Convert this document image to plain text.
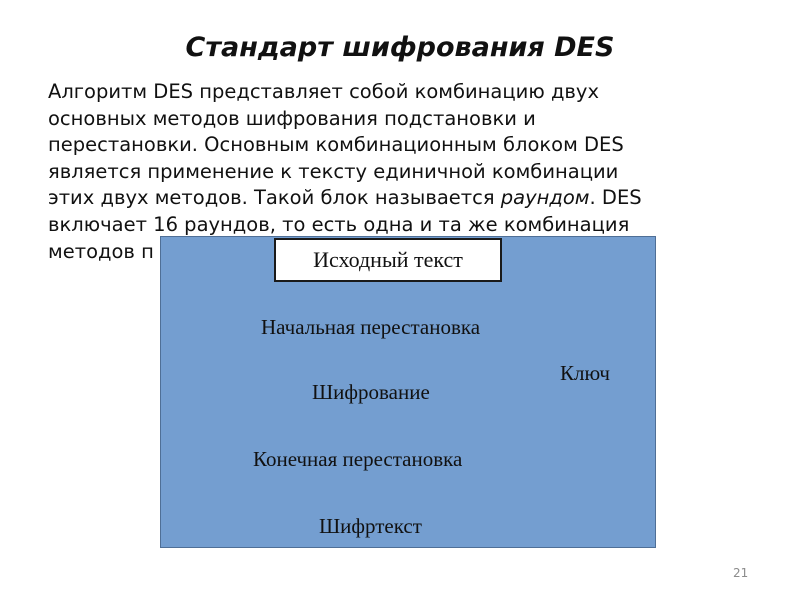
Стандарт шифрования DES
Алгоритм DES представляет собой комбинацию двух
основных методов шифрования подстановки и
перестановки. Основным комбинационным блоком DES
является применение к тексту единичной комбинации
этих двух методов. Такой блок называется раундом. DES
включает 16 раундов, то есть одна и та же комбинация
методов п	Исходный текст
Начальная перестановка
Ключ
Шифрование
Конечная перестановка
Шифртекст
21
